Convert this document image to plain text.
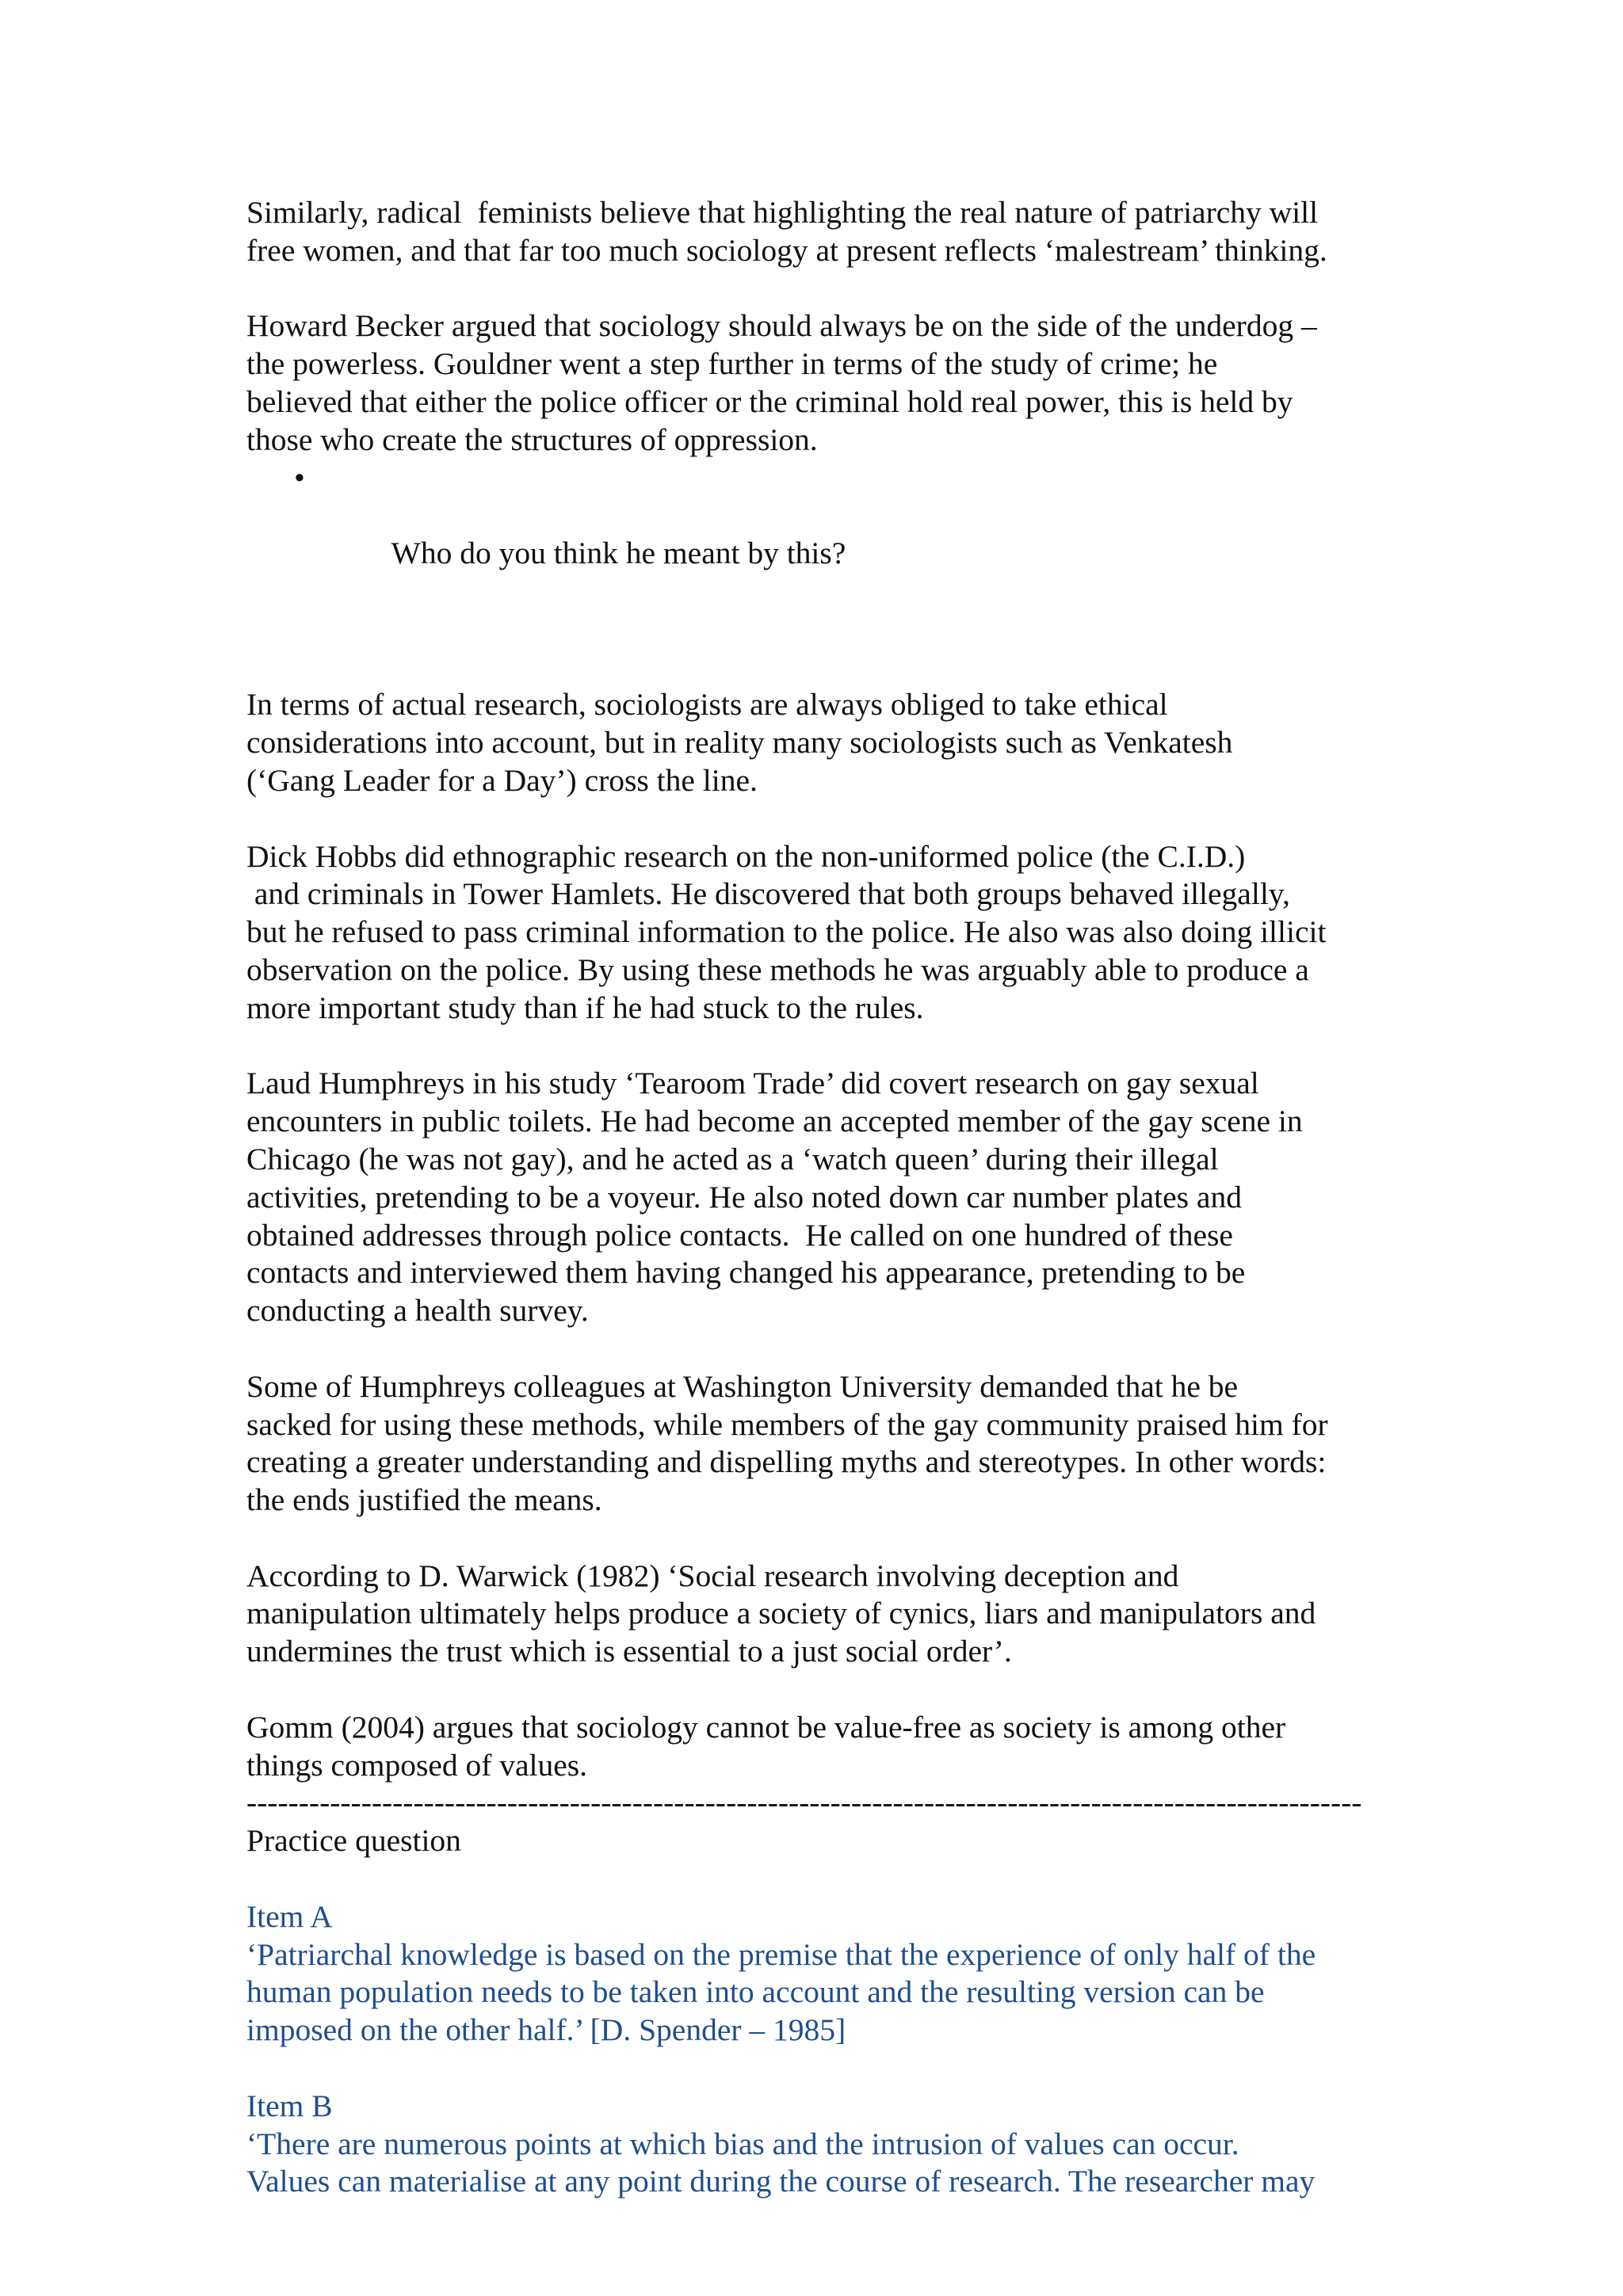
Similarly, radical  feminists believe that highlighting the real nature of patriarchy will
free women, and that far too much sociology at present reflects ‘malestream’ thinking.

Howard Becker argued that sociology should always be on the side of the underdog –
the powerless. Gouldner went a step further in terms of the study of crime; he
believed that either the police officer or the criminal hold real power, this is held by
those who create the structures of oppression.

•

Who do you think he meant by this?

In terms of actual research, sociologists are always obliged to take ethical
considerations into account, but in reality many sociologists such as Venkatesh
(‘Gang Leader for a Day’) cross the line.

Dick Hobbs did ethnographic research on the non-uniformed police (the C.I.D.)
and criminals in Tower Hamlets. He discovered that both groups behaved illegally,
but he refused to pass criminal information to the police. He also was also doing illicit
observation on the police. By using these methods he was arguably able to produce a
more important study than if he had stuck to the rules.

Laud Humphreys in his study ‘Tearoom Trade’ did covert research on gay sexual
encounters in public toilets. He had become an accepted member of the gay scene in
Chicago (he was not gay), and he acted as a ‘watch queen’ during their illegal
activities, pretending to be a voyeur. He also noted down car number plates and
obtained addresses through police contacts.  He called on one hundred of these
contacts and interviewed them having changed his appearance, pretending to be
conducting a health survey.

Some of Humphreys colleagues at Washington University demanded that he be
sacked for using these methods, while members of the gay community praised him for
creating a greater understanding and dispelling myths and stereotypes. In other words:
the ends justified the means.

According to D. Warwick (1982) ‘Social research involving deception and
manipulation ultimately helps produce a society of cynics, liars and manipulators and
undermines the trust which is essential to a just social order’.

Gomm (2004) argues that sociology cannot be value-free as society is among other
things composed of values.

-----------------------------------------------------------------------------------------------------------

Practice question

Item A
‘Patriarchal knowledge is based on the premise that the experience of only half of the
human population needs to be taken into account and the resulting version can be
imposed on the other half.’ [D. Spender – 1985]

Item B
‘There are numerous points at which bias and the intrusion of values can occur.
Values can materialise at any point during the course of research. The researcher may
